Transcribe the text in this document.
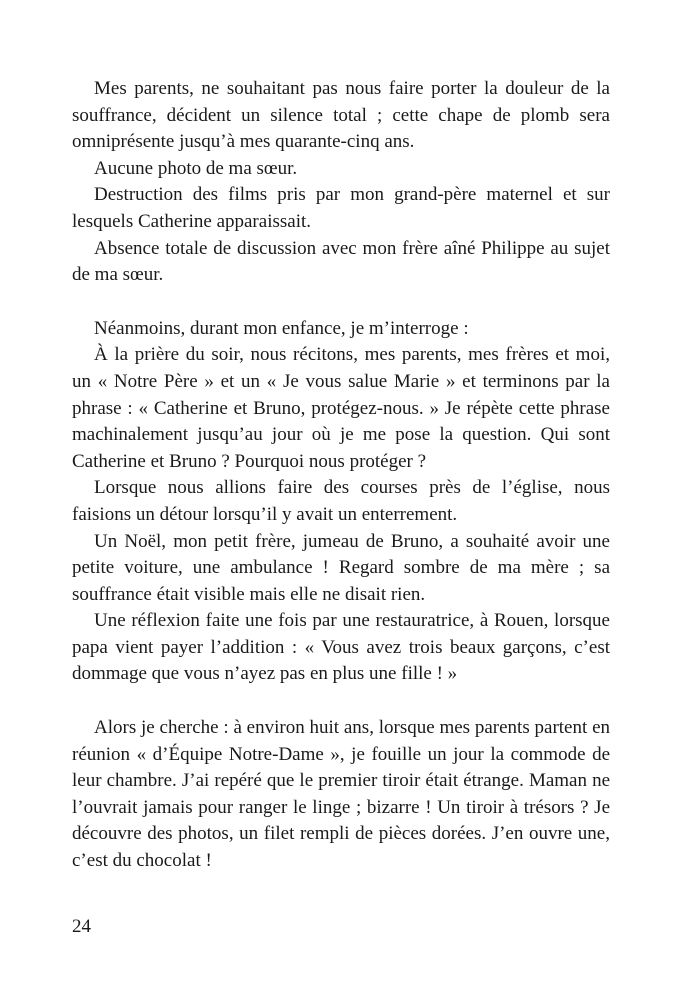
Mes parents, ne souhaitant pas nous faire porter la douleur de la souffrance, décident un silence total ; cette chape de plomb sera omniprésente jusqu’à mes quarante-cinq ans.

Aucune photo de ma sœur.

Destruction des films pris par mon grand-père maternel et sur lesquels Catherine apparaissait.

Absence totale de discussion avec mon frère aîné Philippe au sujet de ma sœur.

Néanmoins, durant mon enfance, je m’interroge :

À la prière du soir, nous récitons, mes parents, mes frères et moi, un « Notre Père » et un « Je vous salue Marie » et terminons par la phrase : « Catherine et Bruno, protégez-nous. » Je répète cette phrase machinalement jusqu’au jour où je me pose la question. Qui sont Catherine et Bruno ? Pourquoi nous protéger ?

Lorsque nous allions faire des courses près de l’église, nous faisions un détour lorsqu’il y avait un enterrement.

Un Noël, mon petit frère, jumeau de Bruno, a souhaité avoir une petite voiture, une ambulance ! Regard sombre de ma mère ; sa souffrance était visible mais elle ne disait rien.

Une réflexion faite une fois par une restauratrice, à Rouen, lorsque papa vient payer l’addition : « Vous avez trois beaux garçons, c’est dommage que vous n’ayez pas en plus une fille ! »

Alors je cherche : à environ huit ans, lorsque mes parents partent en réunion « d’Équipe Notre-Dame », je fouille un jour la commode de leur chambre. J’ai repéré que le premier tiroir était étrange. Maman ne l’ouvrait jamais pour ranger le linge ; bizarre ! Un tiroir à trésors ? Je découvre des photos, un filet rempli de pièces dorées. J’en ouvre une, c’est du chocolat !

24
